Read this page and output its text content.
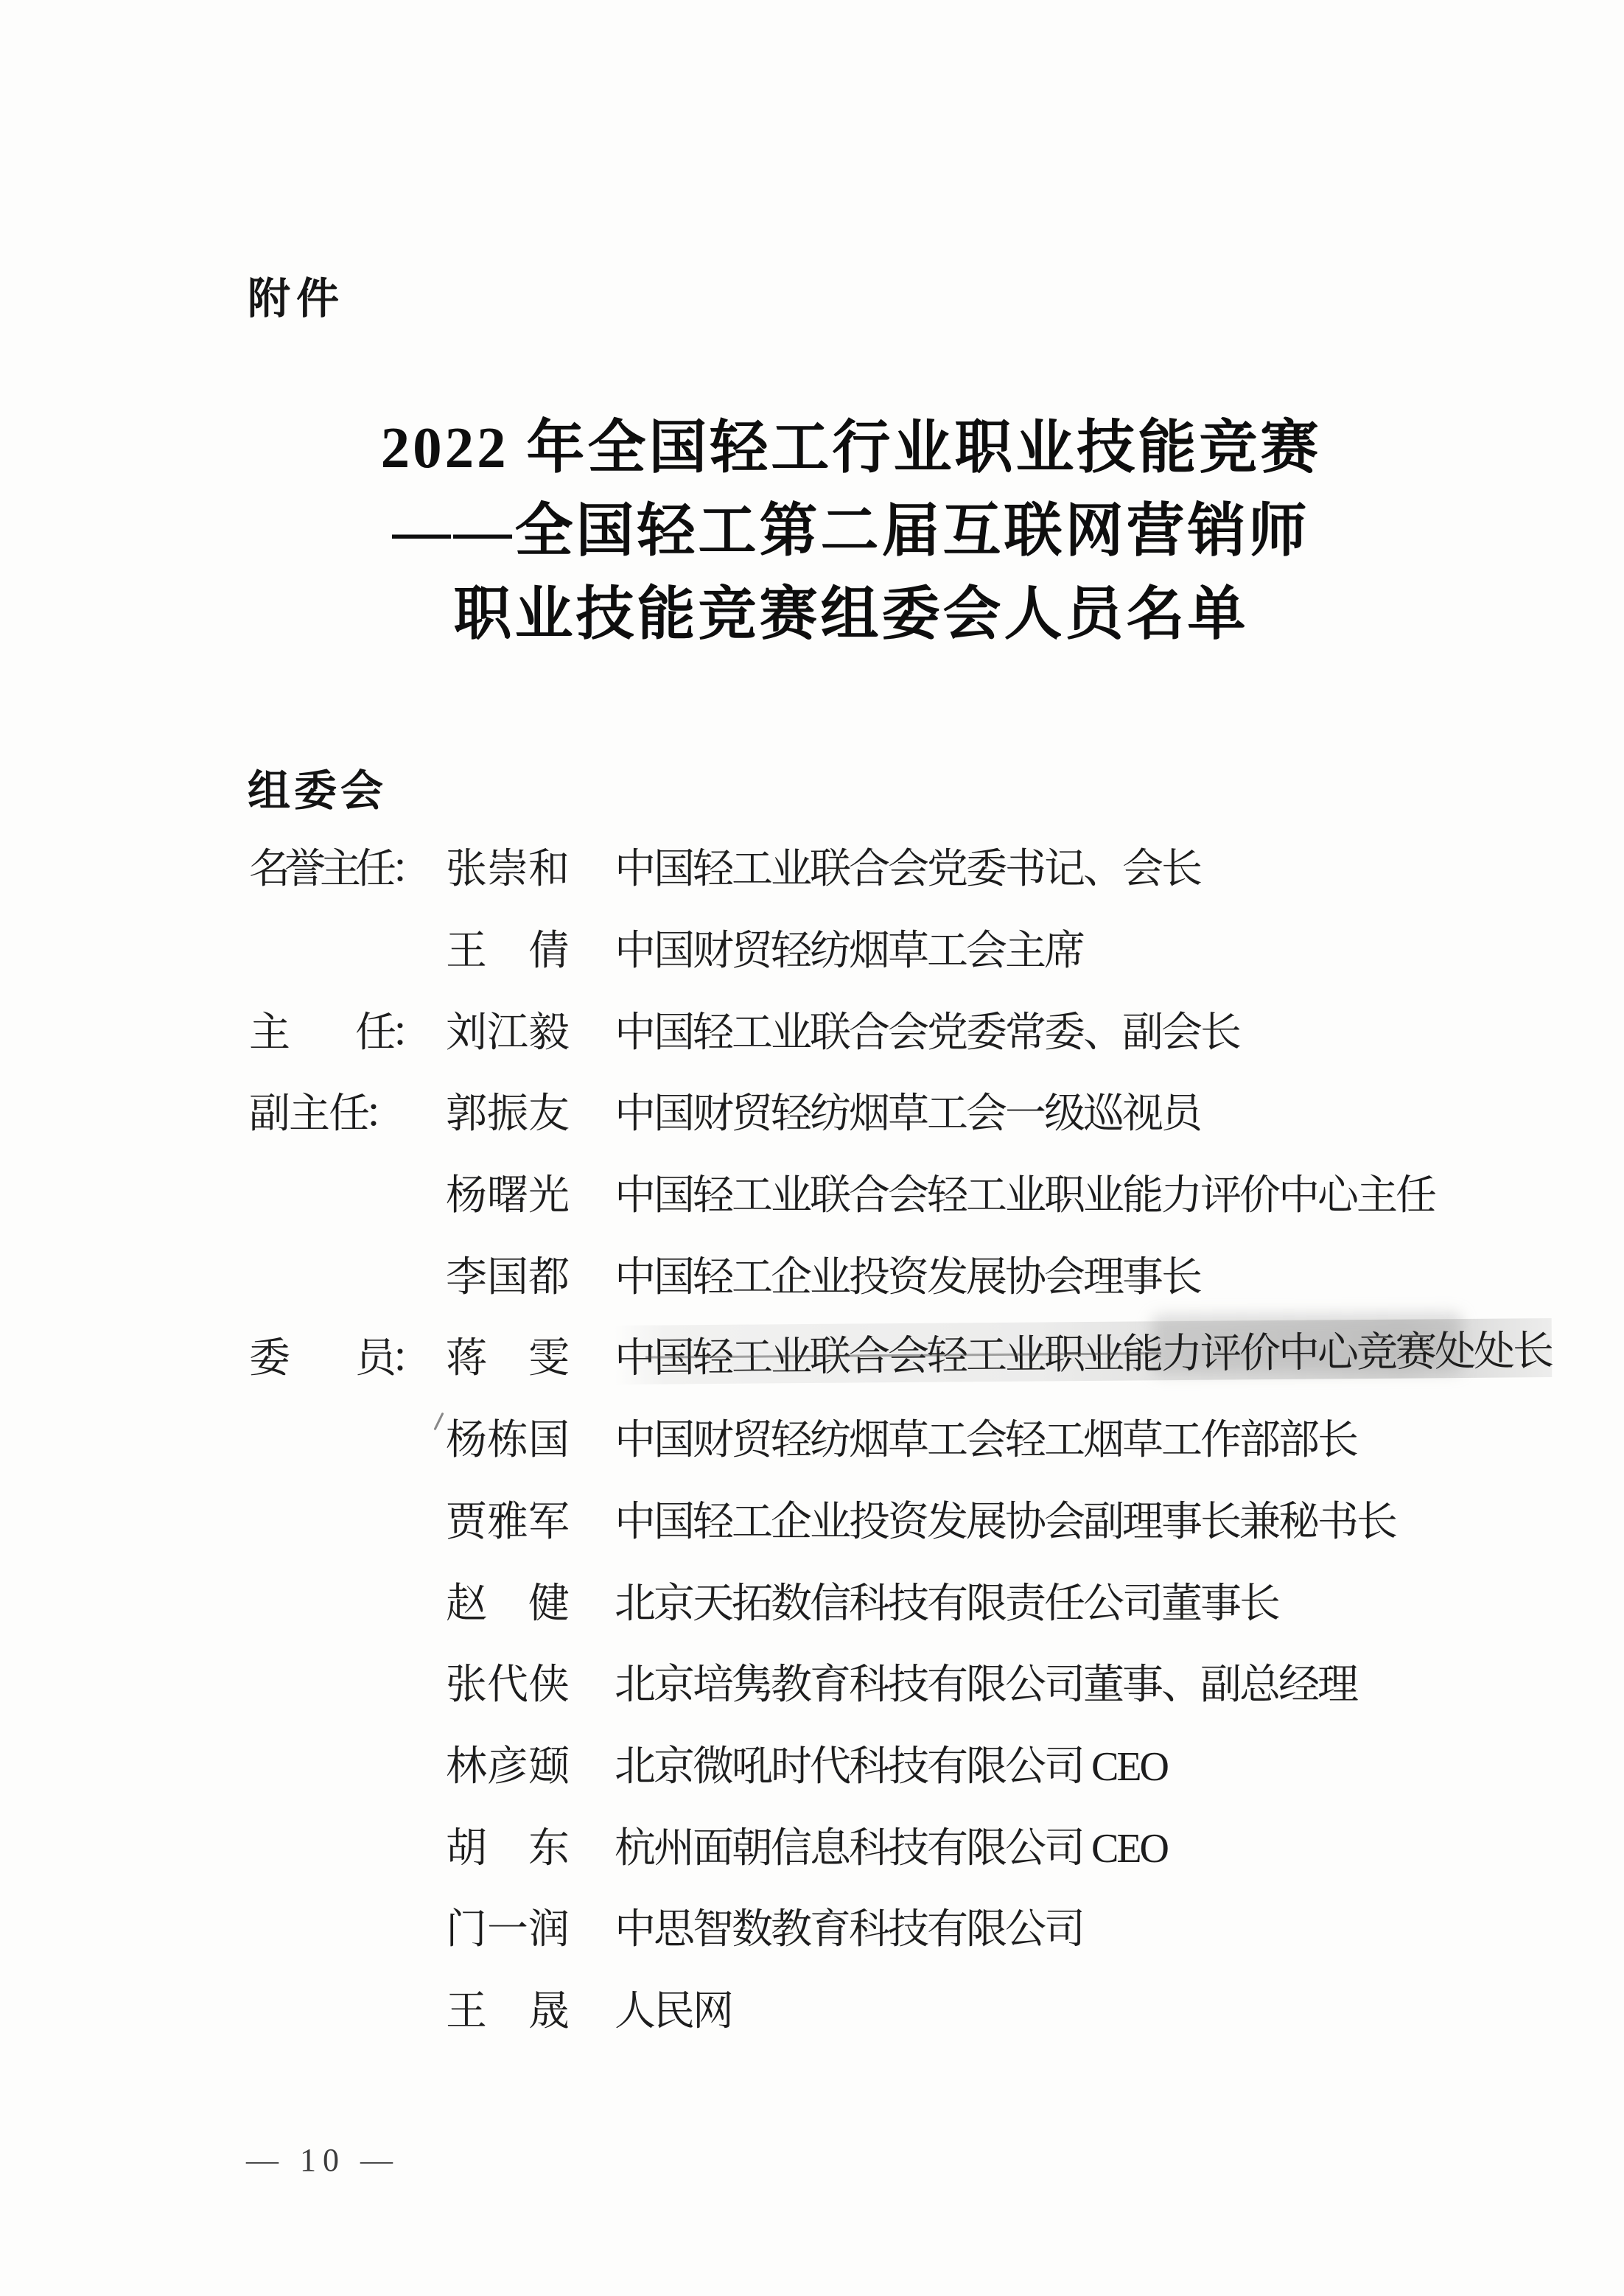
附件
2022 年全国轻工行业职业技能竞赛
——全国轻工第二届互联网营销师
职业技能竞赛组委会人员名单
组委会
名誉主任： 张崇和 中国轻工业联合会党委书记、会长
王　倩 中国财贸轻纺烟草工会主席
主　　任： 刘江毅 中国轻工业联合会党委常委、副会长
副 主 任：	郭振友 中国财贸轻纺烟草工会一级巡视员
杨曙光 中国轻工业联合会轻工业职业能力评价中心主任
李国都 中国轻工企业投资发展协会理事长
委　　员： 蒋　雯 中国轻工业联合会轻工业职业能力评价中心竞赛处处长
杨栋国 中国财贸轻纺烟草工会轻工烟草工作部部长
贾雅军 中国轻工企业投资发展协会副理事长兼秘书长
赵　健 北京天拓数信科技有限责任公司董事长
张代侠 北京培隽教育科技有限公司董事、副总经理
林彦颋 北京微吼时代科技有限公司 CEO
胡　东 杭州面朝信息科技有限公司 CEO
门一润 中思智数教育科技有限公司
王　晟 人民网
— 10 —
